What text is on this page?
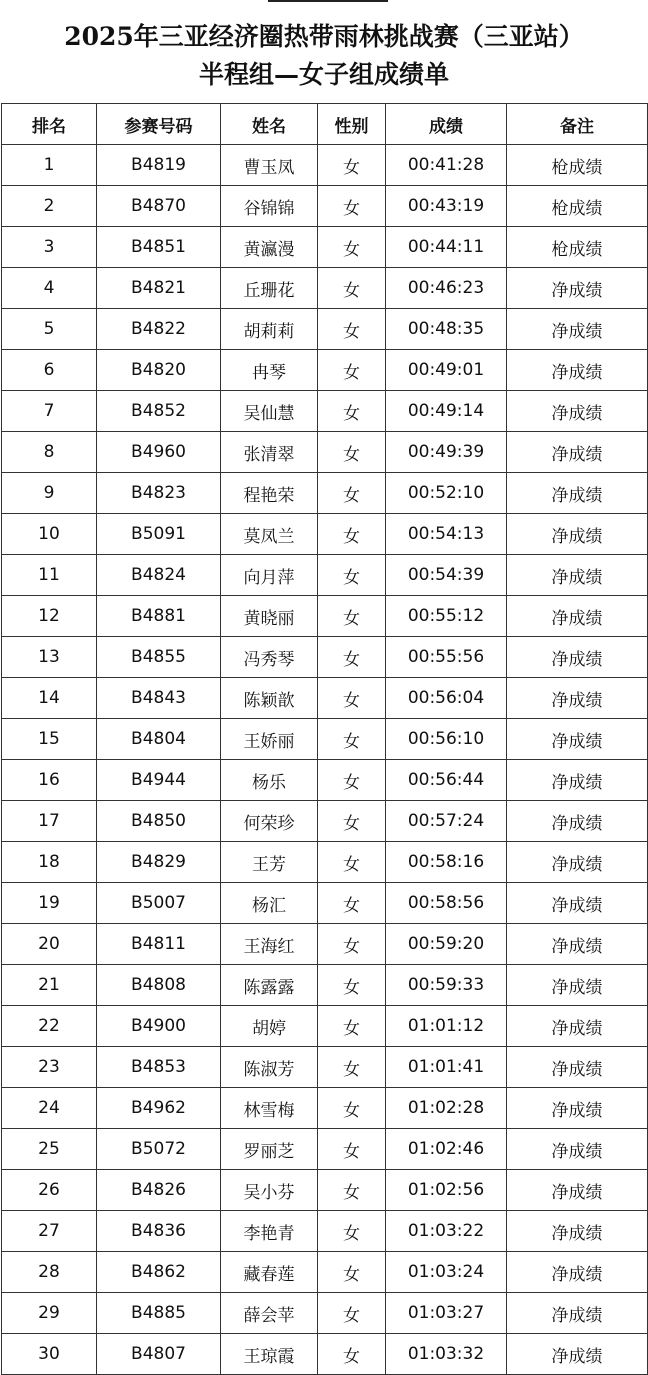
2025年三亚经济圈热带雨林挑战赛（三亚站）
半程组—女子组成绩单
排名	参赛号码	姓名	性别	成绩	备注
1	B4819	曹玉凤	女	00:41:28	枪成绩
2	B4870	谷锦锦	女	00:43:19	枪成绩
3	B4851	黄瀛漫	女	00:44:11	枪成绩
4	B4821	丘珊花	女	00:46:23	净成绩
5	B4822	胡莉莉	女	00:48:35	净成绩
6	B4820	冉琴	女	00:49:01	净成绩
7	B4852	吴仙慧	女	00:49:14	净成绩
8	B4960	张清翠	女	00:49:39	净成绩
9	B4823	程艳荣	女	00:52:10	净成绩
10	B5091	莫凤兰	女	00:54:13	净成绩
11	B4824	向月萍	女	00:54:39	净成绩
12	B4881	黄晓丽	女	00:55:12	净成绩
13	B4855	冯秀琴	女	00:55:56	净成绩
14	B4843	陈颖歆	女	00:56:04	净成绩
15	B4804	王娇丽	女	00:56:10	净成绩
16	B4944	杨乐	女	00:56:44	净成绩
17	B4850	何荣珍	女	00:57:24	净成绩
18	B4829	王芳	女	00:58:16	净成绩
19	B5007	杨汇	女	00:58:56	净成绩
20	B4811	王海红	女	00:59:20	净成绩
21	B4808	陈露露	女	00:59:33	净成绩
22	B4900	胡婷	女	01:01:12	净成绩
23	B4853	陈淑芳	女	01:01:41	净成绩
24	B4962	林雪梅	女	01:02:28	净成绩
25	B5072	罗丽芝	女	01:02:46	净成绩
26	B4826	吴小芬	女	01:02:56	净成绩
27	B4836	李艳青	女	01:03:22	净成绩
28	B4862	藏春莲	女	01:03:24	净成绩
29	B4885	薛会苹	女	01:03:27	净成绩
30	B4807	王琼霞	女	01:03:32	净成绩
